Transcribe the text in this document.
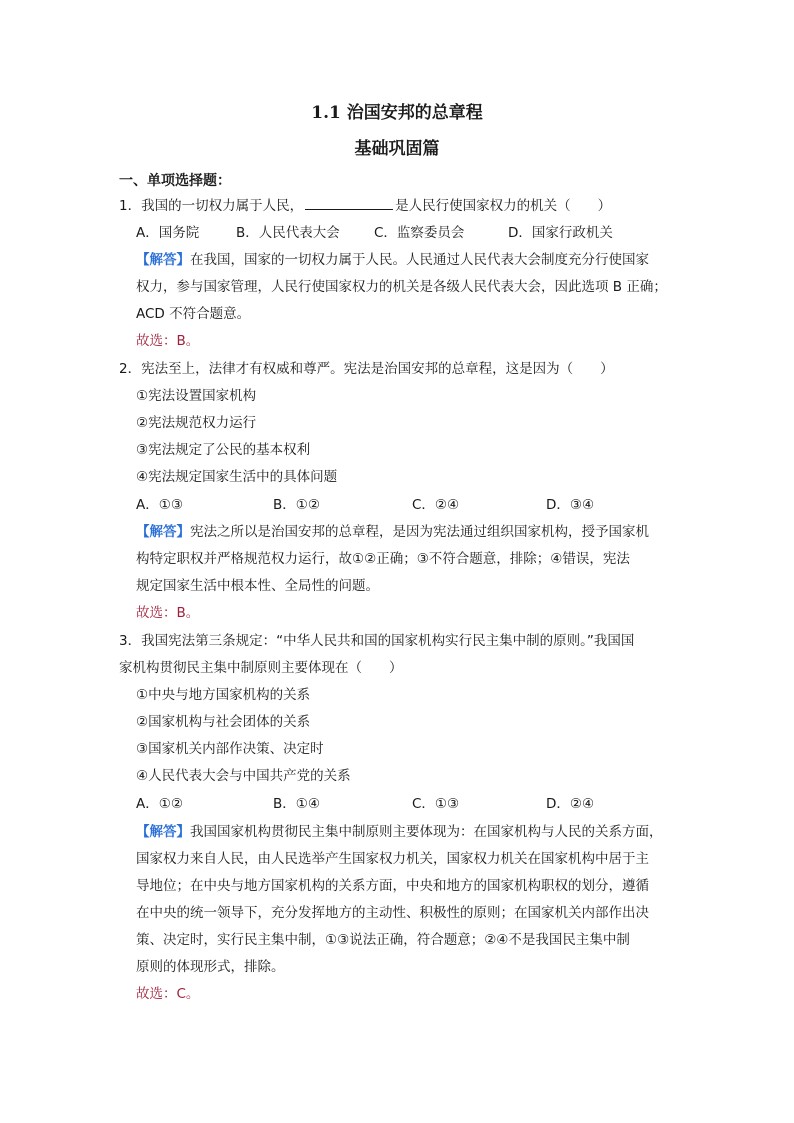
1.1 治国安邦的总章程
基础巩固篇
一、单项选择题：
1．我国的一切权力属于人民，	是人民行使国家权力的机关（　　）
A．国务院	B．人民代表大会	C．监察委员会	D．国家行政机关
【解答】在我国，国家的一切权力属于人民。人民通过人民代表大会制度充分行使国家
权力，参与国家管理，人民行使国家权力的机关是各级人民代表大会，因此选项 B 正确；
ACD 不符合题意。
故选：B。
2．宪法至上，法律才有权威和尊严。宪法是治国安邦的总章程，这是因为（　　）
①宪法设置国家机构
②宪法规范权力运行
③宪法规定了公民的基本权利
④宪法规定国家生活中的具体问题
A．①③	B．①②	C．②④	D．③④
【解答】宪法之所以是治国安邦的总章程，是因为宪法通过组织国家机构，授予国家机
构特定职权并严格规范权力运行，故①②正确；③不符合题意，排除；④错误，宪法
规定国家生活中根本性、全局性的问题。
故选：B。
3．我国宪法第三条规定：“中华人民共和国的国家机构实行民主集中制的原则。”我国国
家机构贯彻民主集中制原则主要体现在（　　）
①中央与地方国家机构的关系
②国家机构与社会团体的关系
③国家机关内部作决策、决定时
④人民代表大会与中国共产党的关系
A．①②	B．①④	C．①③	D．②④
【解答】我国国家机构贯彻民主集中制原则主要体现为：在国家机构与人民的关系方面，
国家权力来自人民，由人民选举产生国家权力机关，国家权力机关在国家机构中居于主
导地位；在中央与地方国家机构的关系方面，中央和地方的国家机构职权的划分，遵循
在中央的统一领导下，充分发挥地方的主动性、积极性的原则；在国家机关内部作出决
策、决定时，实行民主集中制，①③说法正确，符合题意；②④不是我国民主集中制
原则的体现形式，排除。
故选：C。
